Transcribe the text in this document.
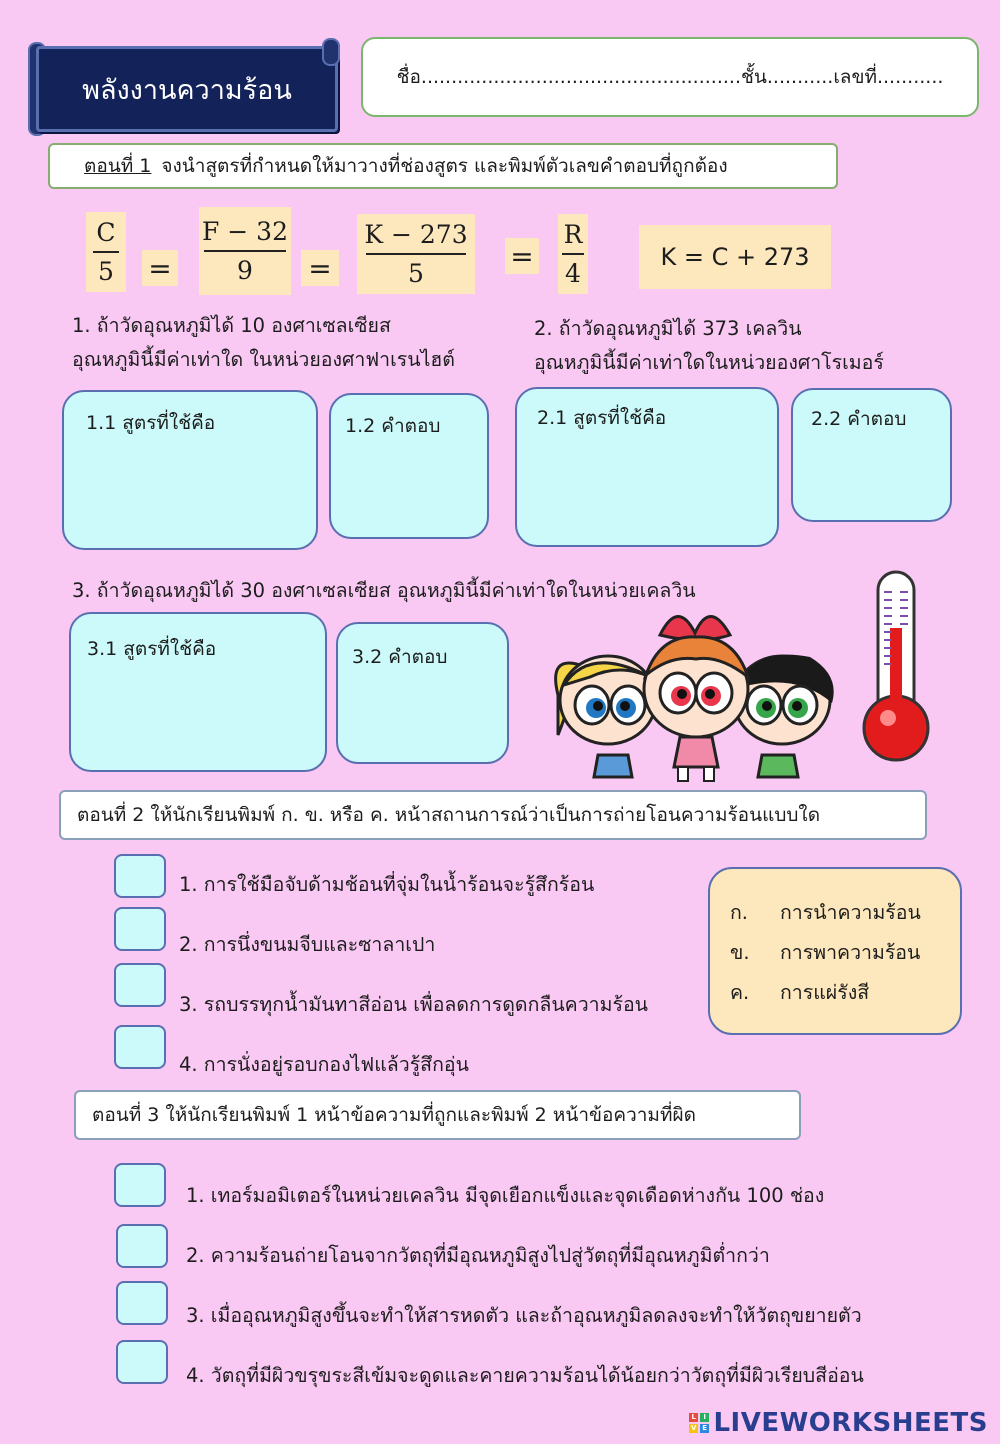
พลังงานความร้อน	ชื่อ.....................................................ชั้น...........เลขที่...........
ตอนที่ 1 จงนำสูตรที่กำหนดให้มาวางที่ช่องสูตร และพิมพ์ตัวเลขคำตอบที่ถูกต้อง
C
5 =
F − 32
9 =
K − 273
5
=
R
4
K = C + 273
1. ถ้าวัดอุณหภูมิได้ 10 องศาเซลเซียส
อุณหภูมินี้มีค่าเท่าใด ในหน่วยองศาฟาเรนไฮต์
1.1 สูตรที่ใช้คือ	1.2 คำตอบ
2. ถ้าวัดอุณหภูมิได้ 373 เคลวิน
อุณหภูมินี้มีค่าเท่าใดในหน่วยองศาโรเมอร์
2.1 สูตรที่ใช้คือ	2.2 คำตอบ
3. ถ้าวัดอุณหภูมิได้ 30 องศาเซลเซียส อุณหภูมินี้มีค่าเท่าใดในหน่วยเคลวิน
3.1 สูตรที่ใช้คือ	3.2 คำตอบ
ตอนที่ 2 ให้นักเรียนพิมพ์ ก. ข. หรือ ค. หน้าสถานการณ์ว่าเป็นการถ่ายโอนความร้อนแบบใด
1. การใช้มือจับด้ามช้อนที่จุ่มในน้ำร้อนจะรู้สึกร้อน
2. การนึ่งขนมจีบและซาลาเปา
3. รถบรรทุกน้ำมันทาสีอ่อน เพื่อลดการดูดกลืนความร้อน
4. การนั่งอยู่รอบกองไฟแล้วรู้สึกอุ่น
ก.	การนำความร้อน
ข.	การพาความร้อน
ค.	การแผ่รังสี
ตอนที่ 3 ให้นักเรียนพิมพ์ 1 หน้าข้อความที่ถูกและพิมพ์ 2 หน้าข้อความที่ผิด
1. เทอร์มอมิเตอร์ในหน่วยเคลวิน มีจุดเยือกแข็งและจุดเดือดห่างกัน 100 ช่อง
2. ความร้อนถ่ายโอนจากวัตถุที่มีอุณหภูมิสูงไปสู่วัตถุที่มีอุณหภูมิต่ำกว่า
3. เมื่ออุณหภูมิสูงขึ้นจะทำให้สารหดตัว และถ้าอุณหภูมิลดลงจะทำให้วัตถุขยายตัว
4. วัตถุที่มีผิวขรุขระสีเข้มจะดูดและคายความร้อนได้น้อยกว่าวัตถุที่มีผิวเรียบสีอ่อน
L I
V E LIVEWORKSHEETS
